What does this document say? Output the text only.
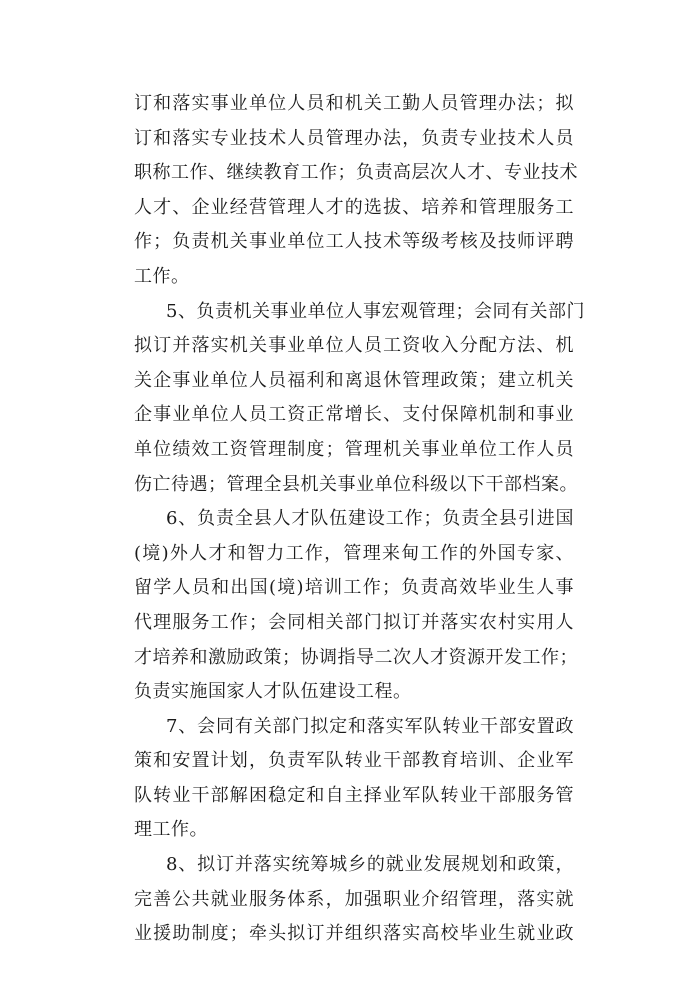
订和落实事业单位人员和机关工勤人员管理办法；拟
订和落实专业技术人员管理办法，负责专业技术人员
职称工作、继续教育工作；负责高层次人才、专业技术
人才、企业经营管理人才的选拔、培养和管理服务工
作；负责机关事业单位工人技术等级考核及技师评聘
工作。
5、负责机关事业单位人事宏观管理；会同有关部门
拟订并落实机关事业单位人员工资收入分配方法、机
关企事业单位人员福利和离退休管理政策；建立机关
企事业单位人员工资正常增长、支付保障机制和事业
单位绩效工资管理制度；管理机关事业单位工作人员
伤亡待遇；管理全县机关事业单位科级以下干部档案。
6、负责全县人才队伍建设工作；负责全县引进国
(境)外人才和智力工作，管理来甸工作的外国专家、
留学人员和出国(境)培训工作；负责高效毕业生人事
代理服务工作；会同相关部门拟订并落实农村实用人
才培养和激励政策；协调指导二次人才资源开发工作；
负责实施国家人才队伍建设工程。
7、会同有关部门拟定和落实军队转业干部安置政
策和安置计划，负责军队转业干部教育培训、企业军
队转业干部解困稳定和自主择业军队转业干部服务管
理工作。
8、拟订并落实统筹城乡的就业发展规划和政策，
完善公共就业服务体系，加强职业介绍管理，落实就
业援助制度；牵头拟订并组织落实高校毕业生就业政
